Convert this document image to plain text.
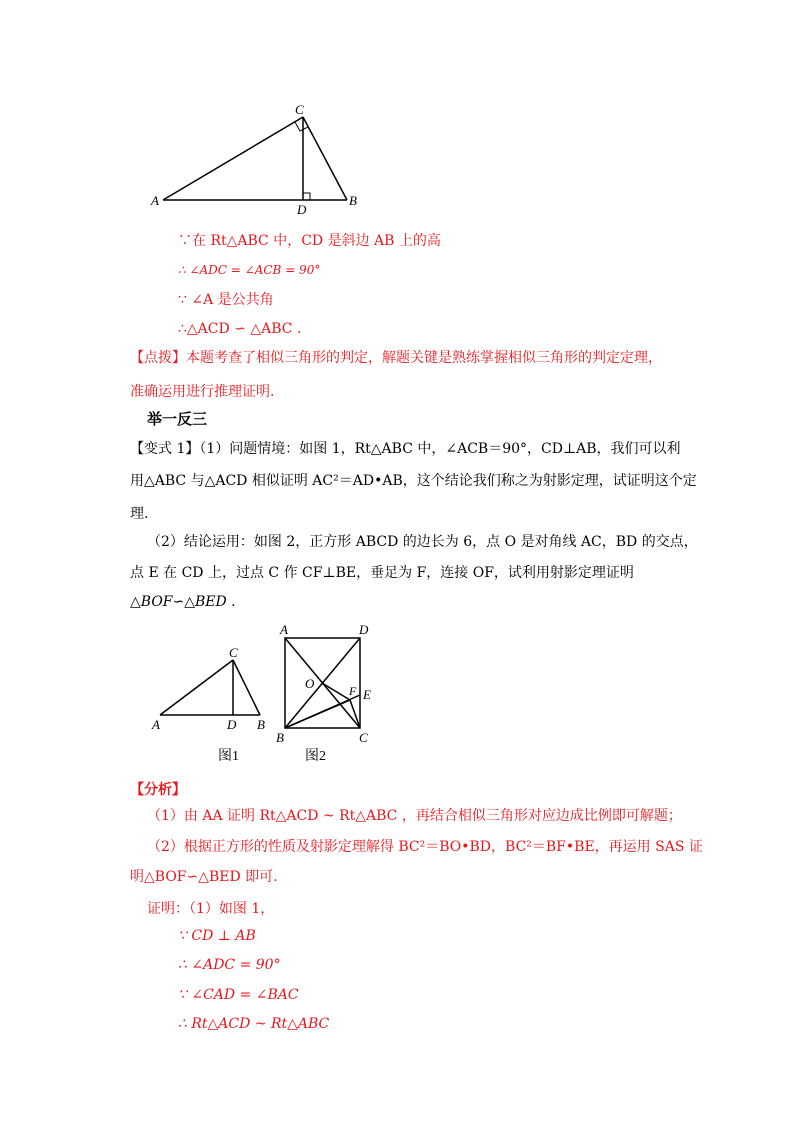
A	B
C
D
∵在 Rt△ABC 中，CD 是斜边 AB 上的高
∴ ∠ADC = ∠ACB = 90°
∵ ∠A 是公共角
∴△ACD ∽ △ABC .
【点拨】本题考查了相似三角形的判定，解题关键是熟练掌握相似三角形的判定定理，
准确运用进行推理证明.
举一反三
【变式 1】（1）问题情境：如图 1，Rt△ABC 中，∠ACB＝90°，CD⊥AB，我们可以利
用△ABC 与△ACD 相似证明 AC²＝AD•AB，这个结论我们称之为射影定理，试证明这个定
理.
（2）结论运用：如图 2，正方形 ABCD 的边长为 6，点 O 是对角线 AC，BD 的交点，
点 E 在 CD 上，过点 C 作 CF⊥BE，垂足为 F，连接 OF，试利用射影定理证明
△BOF∽△BED .
A	B
C
D
图1
A	D
B	C
O	F E
图2
【分析】
（1）由 AA 证明 Rt△ACD ~ Rt△ABC ，再结合相似三角形对应边成比例即可解题；
（2）根据正方形的性质及射影定理解得 BC²＝BO•BD，BC²＝BF•BE，再运用 SAS 证
明△BOF∽△BED 即可.
证明：（1）如图 1，
∵ CD ⊥ AB
∴ ∠ADC = 90°
∵ ∠CAD = ∠BAC
∴ Rt△ACD ~ Rt△ABC
